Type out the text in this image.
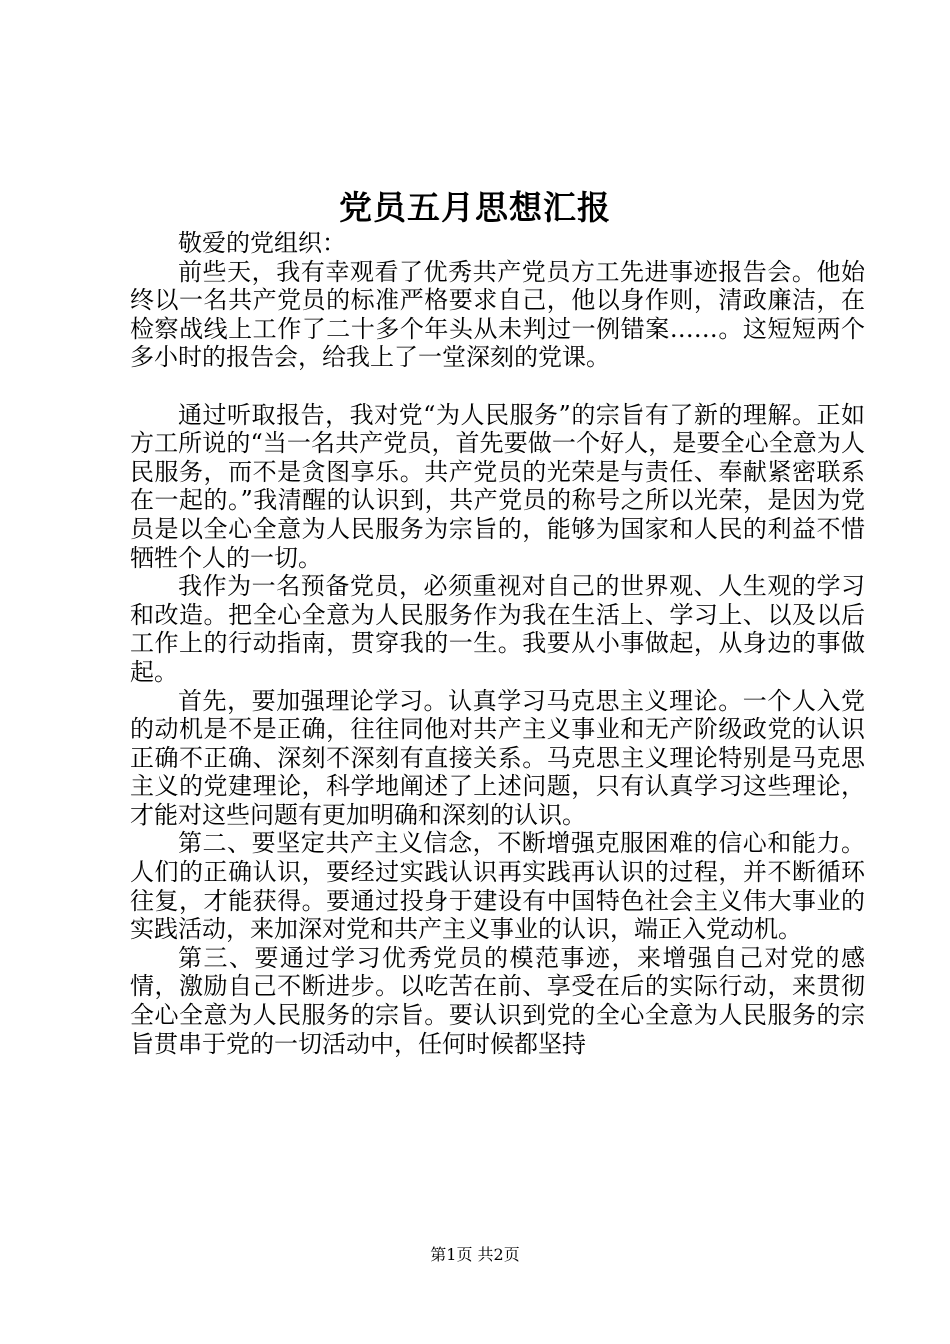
党员五月思想汇报

敬爱的党组织：

前些天，我有幸观看了优秀共产党员方工先进事迹报告会。他始终以一名共产党员的标准严格要求自己，他以身作则，清政廉洁，在检察战线上工作了二十多个年头从未判过一例错案……。这短短两个多小时的报告会，给我上了一堂深刻的党课。

通过听取报告，我对党“为人民服务”的宗旨有了新的理解。正如方工所说的“当一名共产党员，首先要做一个好人，是要全心全意为人民服务，而不是贪图享乐。共产党员的光荣是与责任、奉献紧密联系在一起的。”我清醒的认识到，共产党员的称号之所以光荣，是因为党员是以全心全意为人民服务为宗旨的，能够为国家和人民的利益不惜牺牲个人的一切。

我作为一名预备党员，必须重视对自己的世界观、人生观的学习和改造。把全心全意为人民服务作为我在生活上、学习上、以及以后工作上的行动指南，贯穿我的一生。我要从小事做起，从身边的事做起。

首先，要加强理论学习。认真学习马克思主义理论。一个人入党的动机是不是正确，往往同他对共产主义事业和无产阶级政党的认识正确不正确、深刻不深刻有直接关系。马克思主义理论特别是马克思主义的党建理论，科学地阐述了上述问题，只有认真学习这些理论，才能对这些问题有更加明确和深刻的认识。

第二、要坚定共产主义信念，不断增强克服困难的信心和能力。人们的正确认识，要经过实践认识再实践再认识的过程，并不断循环往复，才能获得。要通过投身于建设有中国特色社会主义伟大事业的实践活动，来加深对党和共产主义事业的认识，端正入党动机。

第三、要通过学习优秀党员的模范事迹，来增强自己对党的感情，激励自己不断进步。以吃苦在前、享受在后的实际行动，来贯彻全心全意为人民服务的宗旨。要认识到党的全心全意为人民服务的宗旨贯串于党的一切活动中，任何时候都坚持

第1页 共2页
